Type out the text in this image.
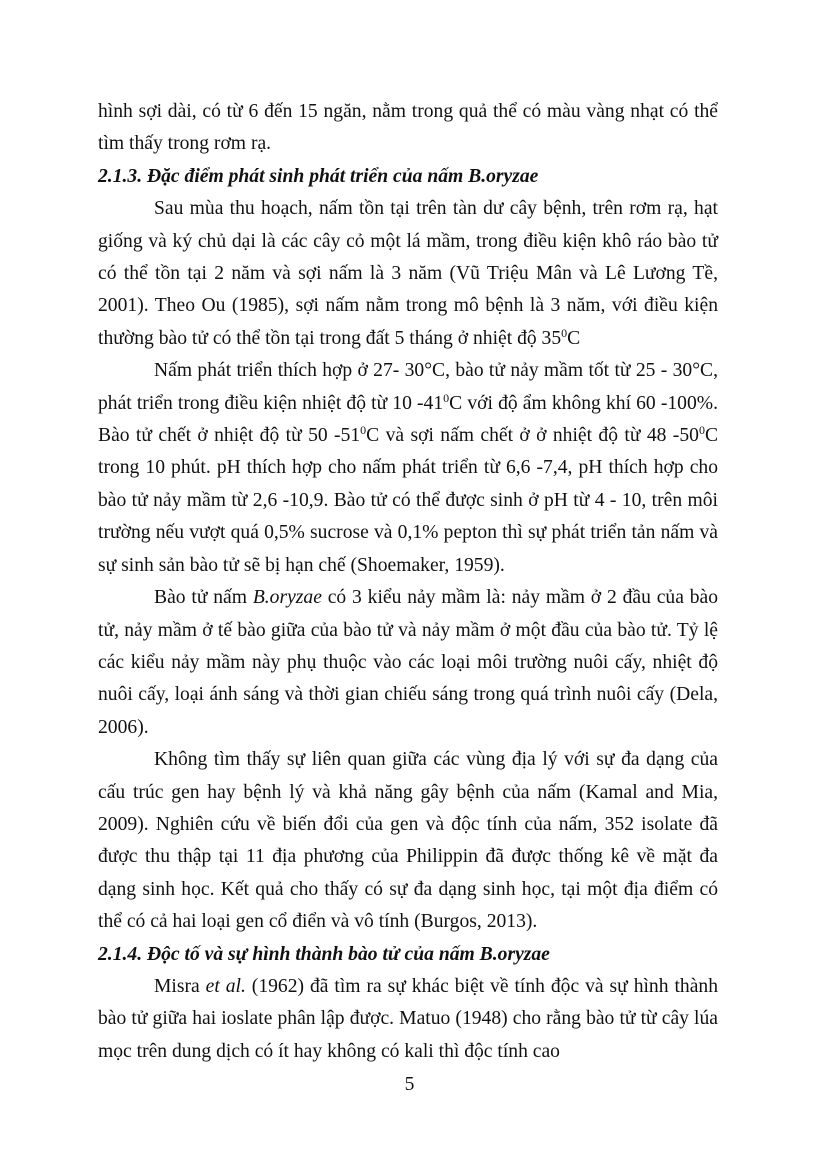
hình sợi dài, có từ 6 đến 15 ngăn, nằm trong quả thể có màu vàng nhạt có thể tìm thấy trong rơm rạ.

2.1.3. Đặc điểm phát sinh phát triển của nấm B.oryzae

Sau mùa thu hoạch, nấm tồn tại trên tàn dư cây bệnh, trên rơm rạ, hạt giống và ký chủ dại là các cây cỏ một lá mầm, trong điều kiện khô ráo bào tử có thể tồn tại 2 năm và sợi nấm là 3 năm (Vũ Triệu Mân và Lê Lương Tề, 2001). Theo Ou (1985), sợi nấm nằm trong mô bệnh là 3 năm, với điều kiện thường bào tử có thể tồn tại trong đất 5 tháng ở nhiệt độ $35^0C$

Nấm phát triển thích hợp ở 27- 30°C, bào tử nảy mầm tốt từ 25 - 30°C, phát triển trong điều kiện nhiệt độ từ 10 $-41^0C$ với độ ẩm không khí 60 -100%. Bào tử chết ở nhiệt độ từ 50 $-51^0C$ và sợi nấm chết ở ở nhiệt độ từ 48 $-50^0C$ trong 10 phút. pH thích hợp cho nấm phát triển từ 6,6 -7,4, pH thích hợp cho bào tử nảy mầm từ 2,6 -10,9. Bào tử có thể được sinh ở pH từ 4 - 10, trên môi trường nếu vượt quá 0,5% sucrose và 0,1% pepton thì sự phát triển tản nấm và sự sinh sản bào tử sẽ bị hạn chế (Shoemaker, 1959).

Bào tử nấm B.oryzae có 3 kiểu nảy mầm là: nảy mầm ở 2 đầu của bào tử, nảy mầm ở tế bào giữa của bào tử và nảy mầm ở một đầu của bào tử. Tỷ lệ các kiểu nảy mầm này phụ thuộc vào các loại môi trường nuôi cấy, nhiệt độ nuôi cấy, loại ánh sáng và thời gian chiếu sáng trong quá trình nuôi cấy (Dela, 2006).

Không tìm thấy sự liên quan giữa các vùng địa lý với sự đa dạng của cấu trúc gen hay bệnh lý và khả năng gây bệnh của nấm (Kamal and Mia, 2009). Nghiên cứu về biến đổi của gen và độc tính của nấm, 352 isolate đã được thu thập tại 11 địa phương của Philippin đã được thống kê về mặt đa dạng sinh học. Kết quả cho thấy có sự đa dạng sinh học, tại một địa điểm có thể có cả hai loại gen cổ điển và vô tính (Burgos, 2013).

2.1.4. Độc tố và sự hình thành bào tử của nấm B.oryzae

Misra et al. (1962) đã tìm ra sự khác biệt về tính độc và sự hình thành bào tử giữa hai ioslate phân lập được. Matuo (1948) cho rằng bào tử từ cây lúa mọc trên dung dịch có ít hay không có kali thì độc tính cao

5
